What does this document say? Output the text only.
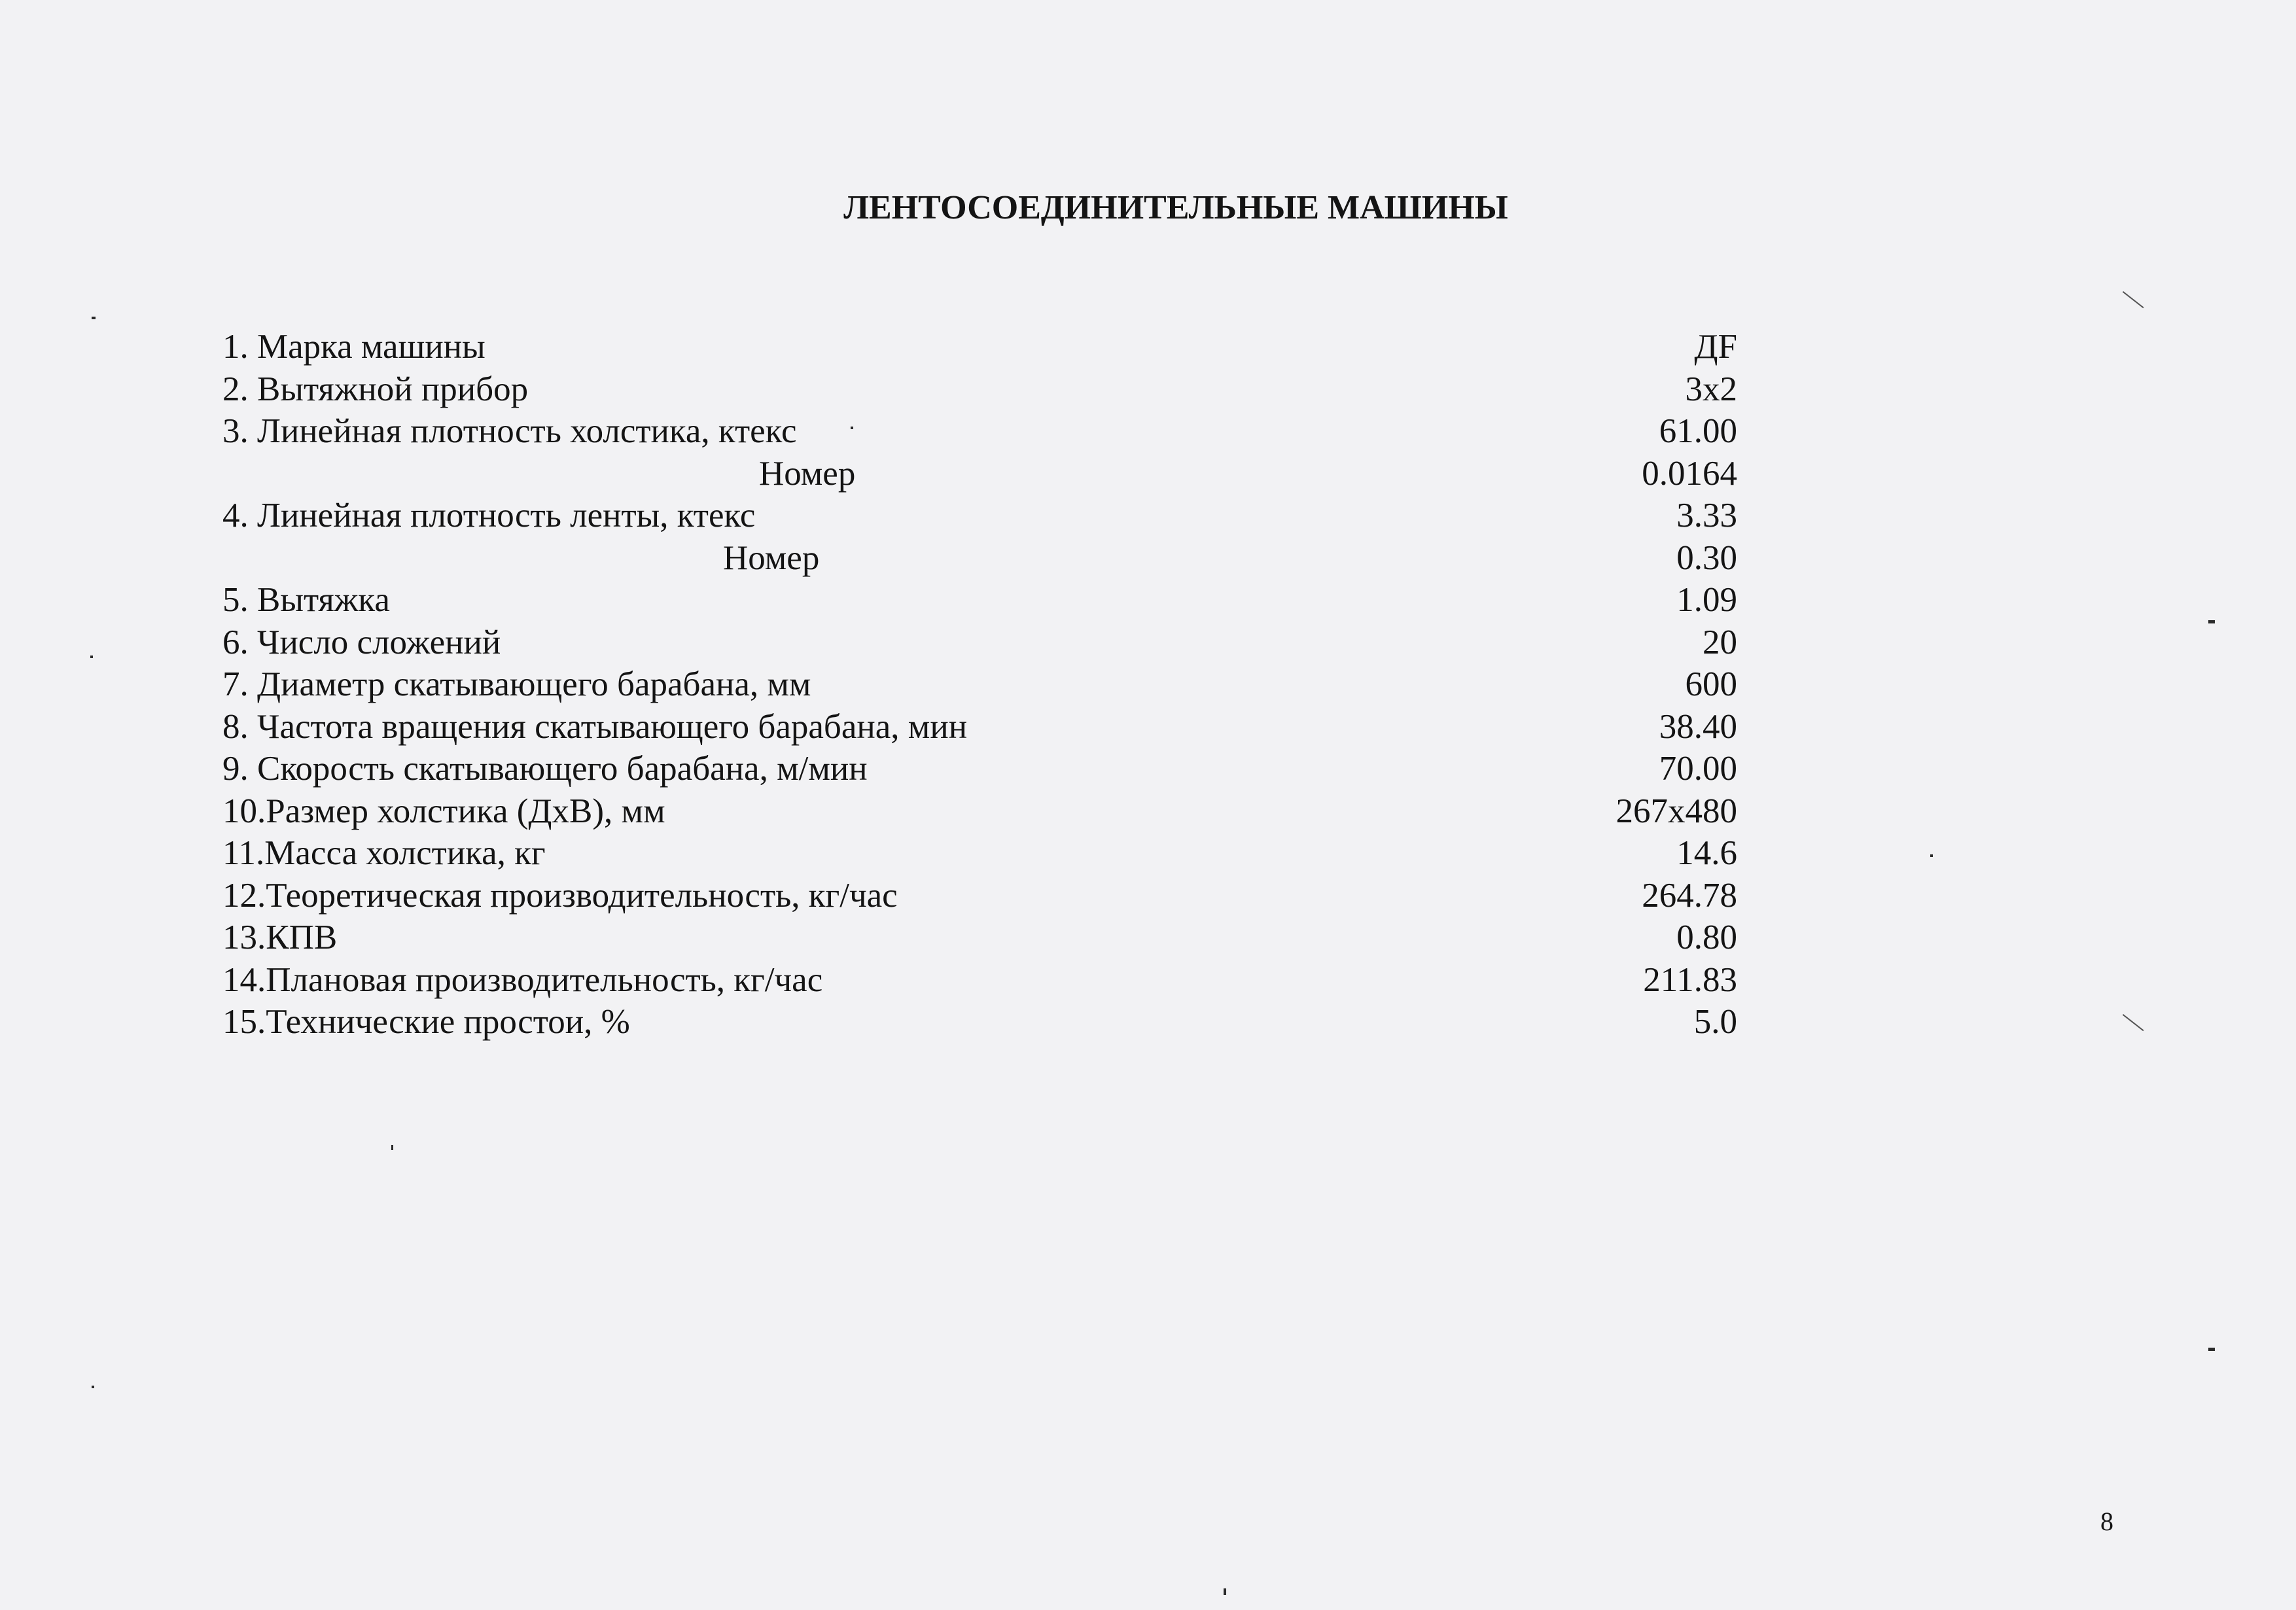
ЛЕНТОСОЕДИНИТЕЛЬНЫЕ МАШИНЫ
1. Марка машины	ДF
2. Вытяжной прибор	3x2
3. Линейная плотность холстика, ктекс	61.00
Номер	0.0164
4. Линейная плотность ленты, ктекс	3.33
Номер	0.30
5. Вытяжка	1.09
6. Число сложений	20
7. Диаметр скатывающего барабана, мм	600
8. Частота вращения скатывающего барабана, мин	38.40
9. Скорость скатывающего барабана, м/мин	70.00
10.Размер холстика (ДхВ), мм	267x480
11.Масса холстика, кг	14.6
12.Теоретическая производительность, кг/час	264.78
13.КПВ	0.80
14.Плановая производительность, кг/час	211.83
15.Технические простои, %	5.0
8
